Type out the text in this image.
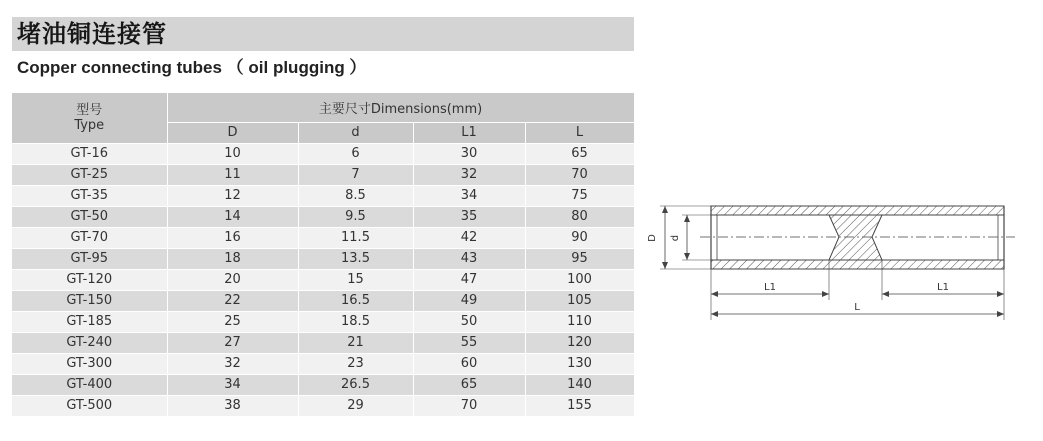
堵油铜连接管
Copper connecting tubes （ oil plugging ）
型号
Type	主要尺寸Dimensions(mm)			
	D	d	L1	L
GT-16	10	6	30	65
GT-25	11	7	32	70
GT-35	12	8.5	34	75
GT-50	14	9.5	35	80
GT-70	16	11.5	42	90
GT-95	18	13.5	43	95
GT-120	20	15	47	100
GT-150	22	16.5	49	105
GT-185	25	18.5	50	110
GT-240	27	21	55	120
GT-300	32	23	60	130
GT-400	34	26.5	65	140
GT-500	38	29	70	155
D d
L1	L1
L
